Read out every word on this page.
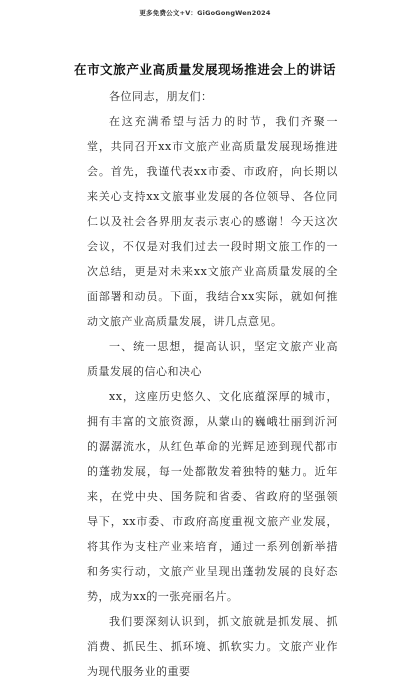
更多免费公文+V：GiGoGongWen2024
在市文旅产业高质量发展现场推进会上的讲话

各位同志，朋友们：

在这充满希望与活力的时节，我们齐聚一堂，共同召开xx市文旅产业高质量发展现场推进会。首先，我谨代表xx市委、市政府，向长期以来关心支持xx文旅事业发展的各位领导、各位同仁以及社会各界朋友表示衷心的感谢！今天这次会议，不仅是对我们过去一段时期文旅工作的一次总结，更是对未来xx文旅产业高质量发展的全面部署和动员。下面，我结合xx实际，就如何推动文旅产业高质量发展，讲几点意见。

一、统一思想，提高认识，坚定文旅产业高质量发展的信心和决心

xx，这座历史悠久、文化底蕴深厚的城市，拥有丰富的文旅资源，从蒙山的巍峨壮丽到沂河的潺潺流水，从红色革命的光辉足迹到现代都市的蓬勃发展，每一处都散发着独特的魅力。近年来，在党中央、国务院和省委、省政府的坚强领导下，xx市委、市政府高度重视文旅产业发展，将其作为支柱产业来培育，通过一系列创新举措和务实行动，文旅产业呈现出蓬勃发展的良好态势，成为xx的一张亮丽名片。

我们要深刻认识到，抓文旅就是抓发展、抓消费、抓民生、抓环境、抓软实力。文旅产业作为现代服务业的重要
